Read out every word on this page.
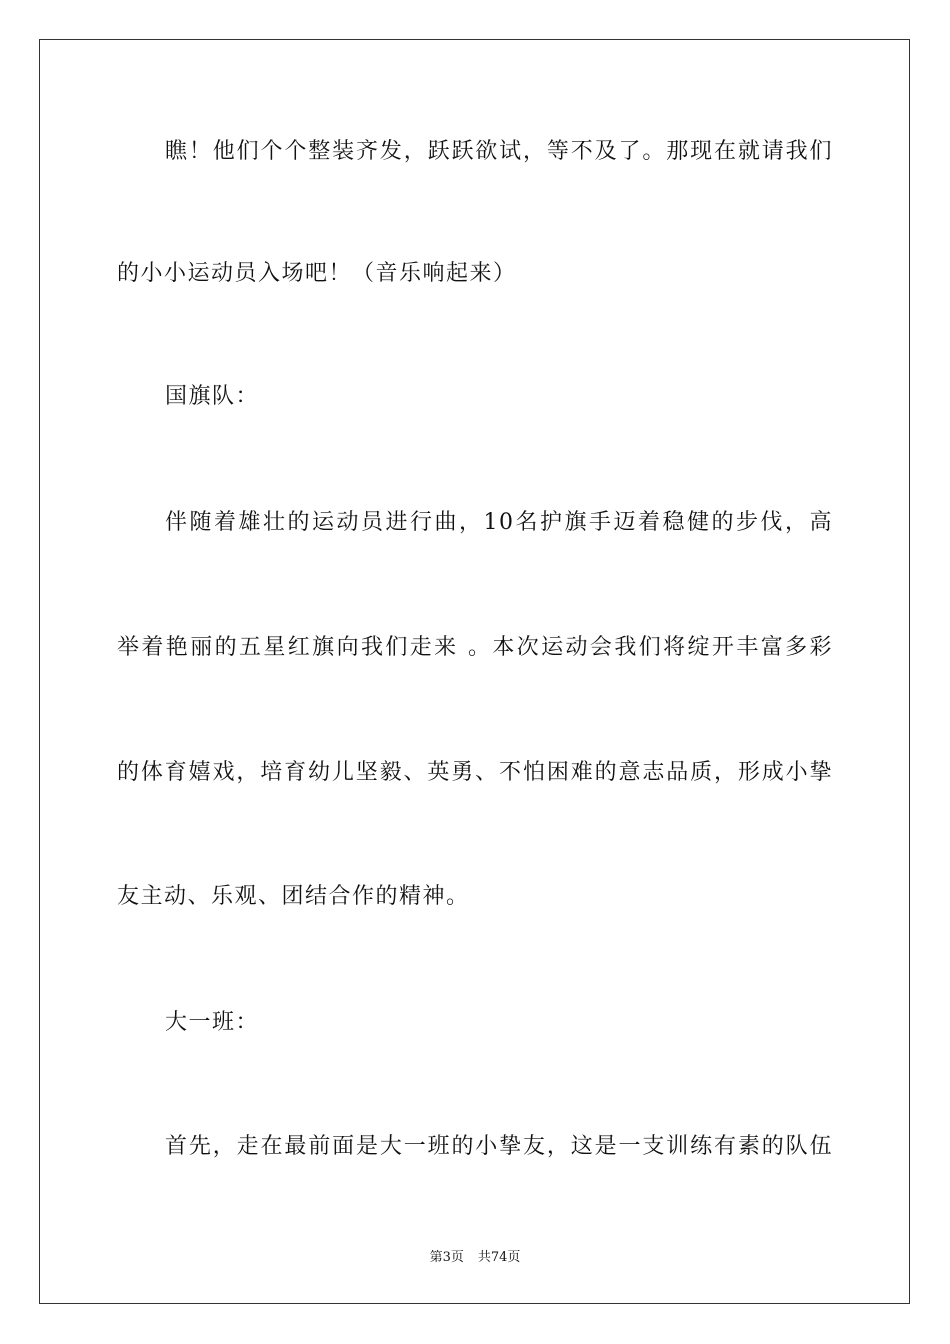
瞧！他们个个整装齐发，跃跃欲试，等不及了。那现在就请我们

的小小运动员入场吧！（音乐响起来）

国旗队：

伴随着雄壮的运动员进行曲，10名护旗手迈着稳健的步伐，高

举着艳丽的五星红旗向我们走来 。本次运动会我们将绽开丰富多彩

的体育嬉戏，培育幼儿坚毅、英勇、不怕困难的意志品质，形成小挚

友主动、乐观、团结合作的精神。

大一班：

首先，走在最前面是大一班的小挚友，这是一支训练有素的队伍

第3页 共74页
